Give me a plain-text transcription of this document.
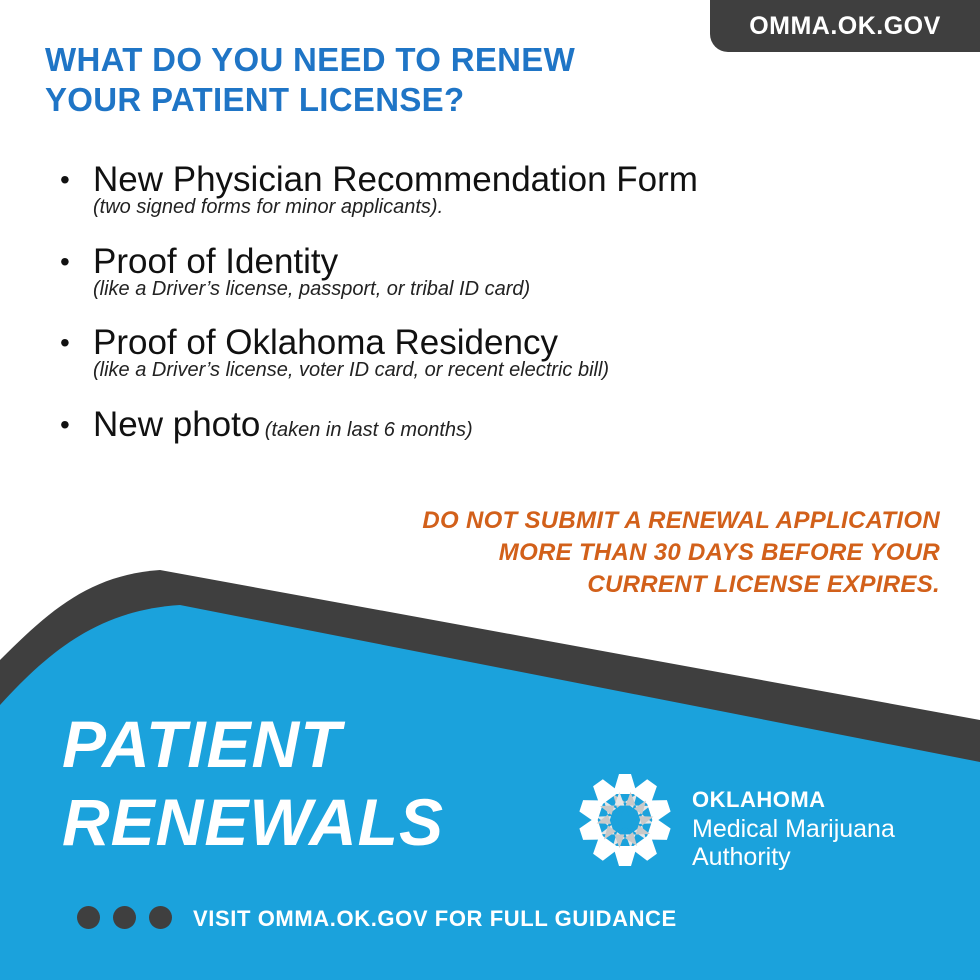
OMMA.OK.GOV
WHAT DO YOU NEED TO RENEW
YOUR PATIENT LICENSE?
• New Physician Recommendation Form
(two signed forms for minor applicants).
• Proof of Identity
(like a Driver’s license, passport, or tribal ID card)
• Proof of Oklahoma Residency
(like a Driver’s license, voter ID card, or recent electric bill)
• New photo (taken in last 6 months)
DO NOT SUBMIT A RENEWAL APPLICATION
MORE THAN 30 DAYS BEFORE YOUR
CURRENT LICENSE EXPIRES.
PATIENT
RENEWALS	OKLAHOMA
Medical Marijuana
Authority
VISIT OMMA.OK.GOV FOR FULL GUIDANCE
